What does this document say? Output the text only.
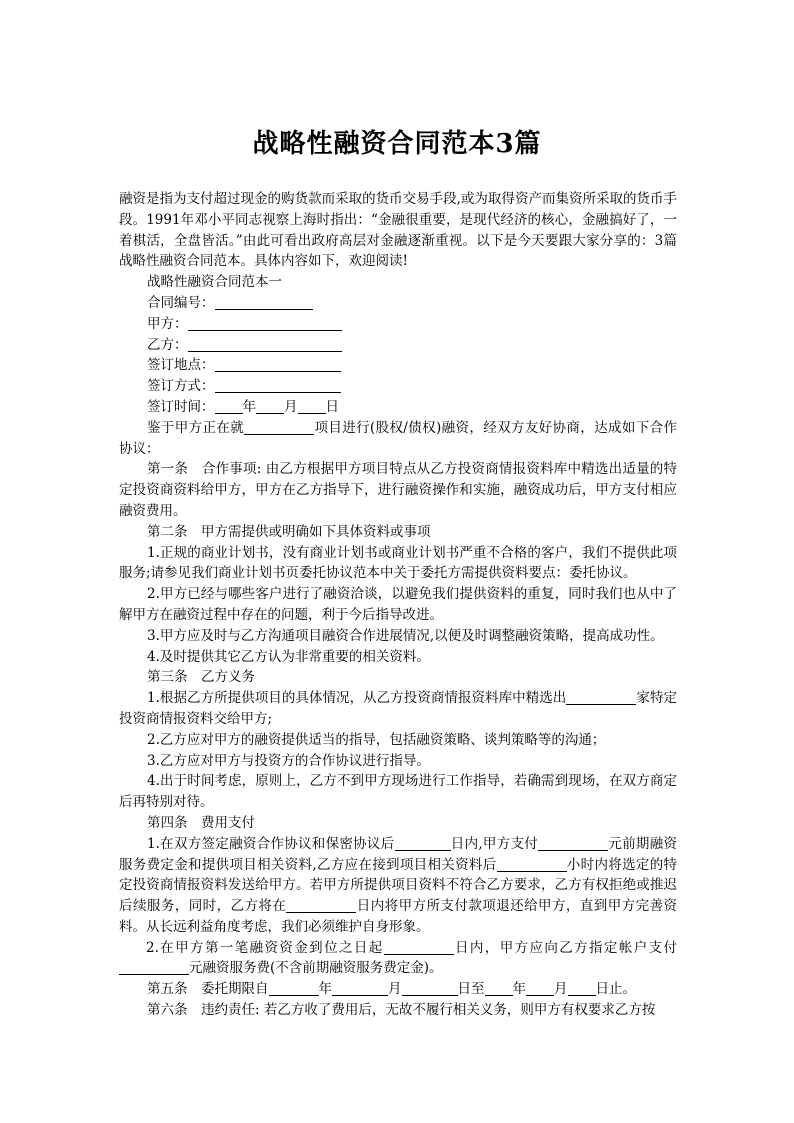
战略性融资合同范本3篇

融资是指为支付超过现金的购货款而采取的货币交易手段,或为取得资产而集资所采取的货币手段。1991年邓小平同志视察上海时指出：“金融很重要，是现代经济的核心，金融搞好了，一着棋活，全盘皆活。”由此可看出政府高层对金融逐渐重视。以下是今天要跟大家分享的：3篇战略性融资合同范本。具体内容如下，欢迎阅读!

战略性融资合同范本一

合同编号：

甲方：

乙方：

签订地点：

签订方式：

签订时间： 年 月 日

鉴于甲方正在就	项目进行(股权/债权)融资，经双方友好协商，达成如下合作协议：

第一条　合作事项: 由乙方根据甲方项目特点从乙方投资商情报资料库中精选出适量的特定投资商资料给甲方，甲方在乙方指导下，进行融资操作和实施，融资成功后，甲方支付相应融资费用。

第二条　甲方需提供或明确如下具体资料或事项

1.正规的商业计划书，没有商业计划书或商业计划书严重不合格的客户，我们不提供此项服务;请参见我们商业计划书页委托协议范本中关于委托方需提供资料要点：委托协议。

2.甲方已经与哪些客户进行了融资洽谈，以避免我们提供资料的重复，同时我们也从中了解甲方在融资过程中存在的问题，利于今后指导改进。

3.甲方应及时与乙方沟通项目融资合作进展情况,以便及时调整融资策略，提高成功性。

4.及时提供其它乙方认为非常重要的相关资料。

第三条　乙方义务

1.根据乙方所提供项目的具体情况，从乙方投资商情报资料库中精选出	家特定投资商情报资料交给甲方;

2.乙方应对甲方的融资提供适当的指导，包括融资策略、谈判策略等的沟通；

3.乙方应对甲方与投资方的合作协议进行指导。

4.出于时间考虑，原则上，乙方不到甲方现场进行工作指导，若确需到现场，在双方商定后再特别对待。

第四条　费用支付

1.在双方签定融资合作协议和保密协议后	日内,甲方支付	元前期融资服务费定金和提供项目相关资料,乙方应在接到项目相关资料后	小时内将选定的特定投资商情报资料发送给甲方。若甲方所提供项目资料不符合乙方要求，乙方有权拒绝或推迟后续服务，同时，乙方将在	日内将甲方所支付款项退还给甲方，直到甲方完善资料。从长远利益角度考虑，我们必须维护自身形象。

2.在甲方第一笔融资资金到位之日起	日内，甲方应向乙方指定帐户支付元融资服务费(不含前期融资服务费定金)。

第五条　委托期限自	年	月	日至 年 月 日止。

第六条　违约责任: 若乙方收了费用后，无故不履行相关义务，则甲方有权要求乙方按
